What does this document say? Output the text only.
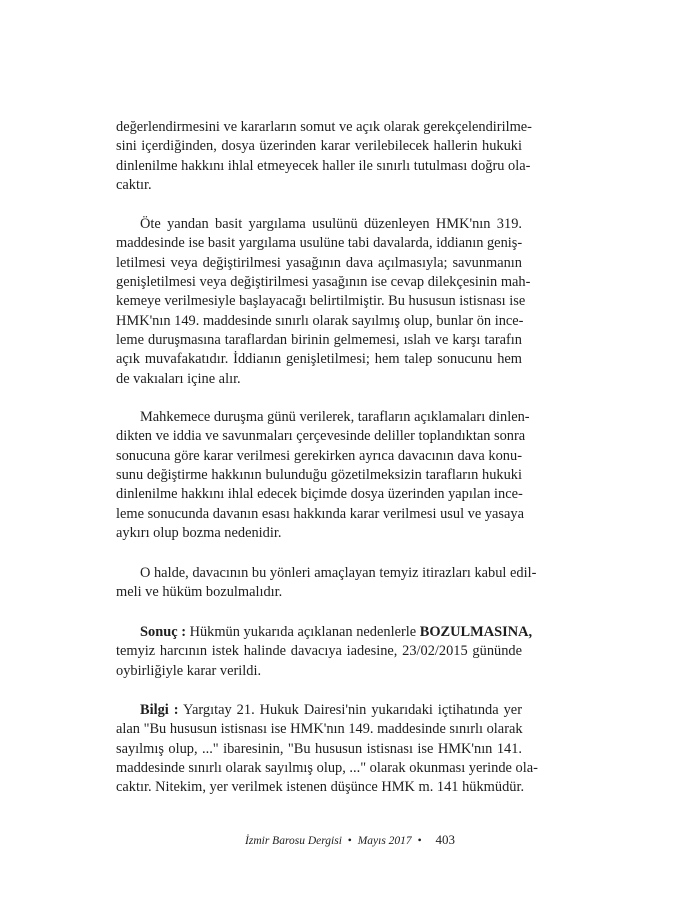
değerlendirmesini ve kararların somut ve açık olarak gerekçelendirilme-
sini içerdiğinden, dosya üzerinden karar verilebilecek hallerin hukuki
dinlenilme hakkını ihlal etmeyecek haller ile sınırlı tutulması doğru ola-
caktır.

Öte yandan basit yargılama usulünü düzenleyen HMK'nın 319.
maddesinde ise basit yargılama usulüne tabi davalarda, iddianın geniş-
letilmesi veya değiştirilmesi yasağının dava açılmasıyla; savunmanın
genişletilmesi veya değiştirilmesi yasağının ise cevap dilekçesinin mah-
kemeye verilmesiyle başlayacağı belirtilmiştir. Bu hususun istisnası ise
HMK'nın 149. maddesinde sınırlı olarak sayılmış olup, bunlar ön ince-
leme duruşmasına taraflardan birinin gelmemesi, ıslah ve karşı tarafın
açık muvafakatıdır. İddianın genişletilmesi; hem talep sonucunu hem
de vakıaları içine alır.

Mahkemece duruşma günü verilerek, tarafların açıklamaları dinlen-
dikten ve iddia ve savunmaları çerçevesinde deliller toplandıktan sonra
sonucuna göre karar verilmesi gerekirken ayrıca davacının dava konu-
sunu değiştirme hakkının bulunduğu gözetilmeksizin tarafların hukuki
dinlenilme hakkını ihlal edecek biçimde dosya üzerinden yapılan ince-
leme sonucunda davanın esası hakkında karar verilmesi usul ve yasaya
aykırı olup bozma nedenidir.

O halde, davacının bu yönleri amaçlayan temyiz itirazları kabul edil-
meli ve hüküm bozulmalıdır.

Sonuç : Hükmün yukarıda açıklanan nedenlerle BOZULMASINA,
temyiz harcının istek halinde davacıya iadesine, 23/02/2015 gününde
oybirliğiyle karar verildi.

Bilgi : Yargıtay 21. Hukuk Dairesi'nin yukarıdaki içtihatında yer
alan "Bu hususun istisnası ise HMK'nın 149. maddesinde sınırlı olarak
sayılmış olup, ..." ibaresinin, "Bu hususun istisnası ise HMK'nın 141.
maddesinde sınırlı olarak sayılmış olup, ..." olarak okunması yerinde ola-
caktır. Nitekim, yer verilmek istenen düşünce HMK m. 141 hükmüdür.

İzmir Barosu Dergisi • Mayıs 2017 • 403
